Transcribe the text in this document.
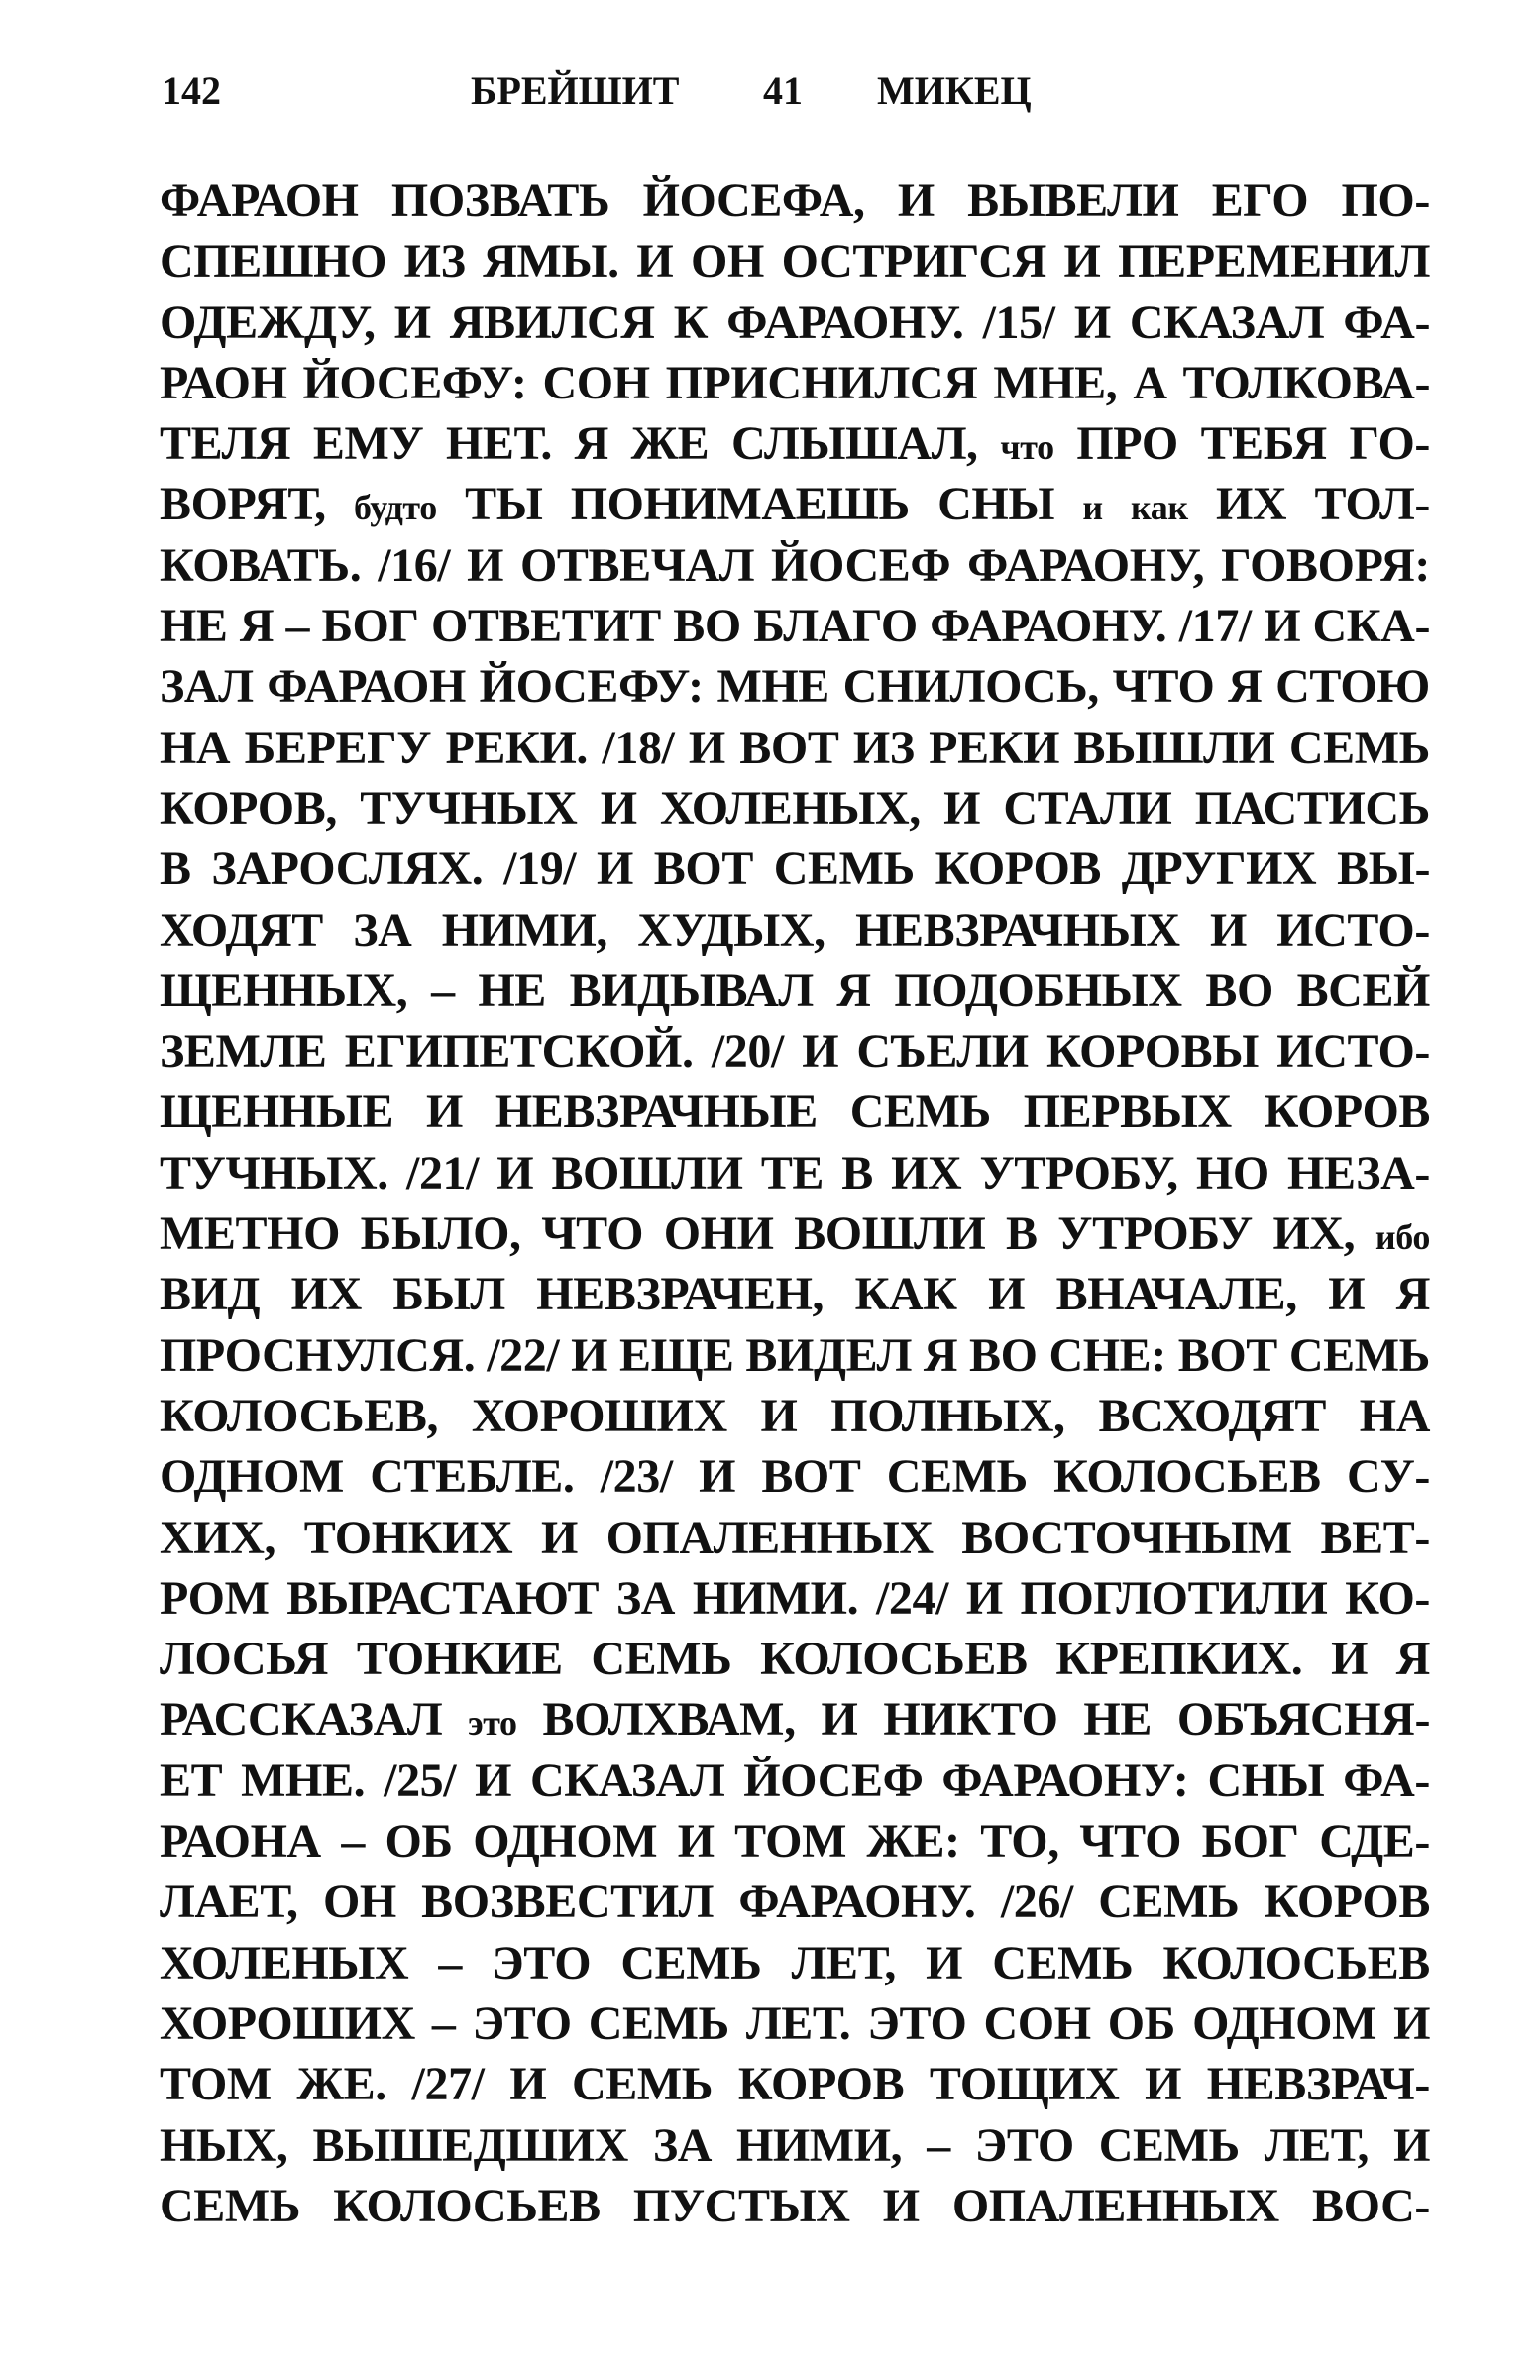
142	БРЕЙШИТ 41 МИКЕЦ
ФАРАОН ПОЗВАТЬ ЙОСЕФА, И ВЫВЕЛИ ЕГО ПО-
СПЕШНО ИЗ ЯМЫ. И ОН ОСТРИГСЯ И ПЕРЕМЕНИЛ
ОДЕЖДУ, И ЯВИЛСЯ К ФАРАОНУ. /15/ И СКАЗАЛ ФА-
РАОН ЙОСЕФУ: СОН ПРИСНИЛСЯ МНЕ, А ТОЛКОВА-
ТЕЛЯ ЕМУ НЕТ. Я ЖЕ СЛЫШАЛ, что ПРО ТЕБЯ ГО-
ВОРЯТ, будто ТЫ ПОНИМАЕШЬ СНЫ и как ИХ ТОЛ-
КОВАТЬ. /16/ И ОТВЕЧАЛ ЙОСЕФ ФАРАОНУ, ГОВОРЯ:
НЕ Я – БОГ ОТВЕТИТ ВО БЛАГО ФАРАОНУ. /17/ И СКА-
ЗАЛ ФАРАОН ЙОСЕФУ: МНЕ СНИЛОСЬ, ЧТО Я СТОЮ
НА БЕРЕГУ РЕКИ. /18/ И ВОТ ИЗ РЕКИ ВЫШЛИ СЕМЬ
КОРОВ, ТУЧНЫХ И ХОЛЕНЫХ, И СТАЛИ ПАСТИСЬ
В ЗАРОСЛЯХ. /19/ И ВОТ СЕМЬ КОРОВ ДРУГИХ ВЫ-
ХОДЯТ ЗА НИМИ, ХУДЫХ, НЕВЗРАЧНЫХ И ИСТО-
ЩЕННЫХ, – НЕ ВИДЫВАЛ Я ПОДОБНЫХ ВО ВСЕЙ
ЗЕМЛЕ ЕГИПЕТСКОЙ. /20/ И СЪЕЛИ КОРОВЫ ИСТО-
ЩЕННЫЕ И НЕВЗРАЧНЫЕ СЕМЬ ПЕРВЫХ КОРОВ
ТУЧНЫХ. /21/ И ВОШЛИ ТЕ В ИХ УТРОБУ, НО НЕЗА-
МЕТНО БЫЛО, ЧТО ОНИ ВОШЛИ В УТРОБУ ИХ, ибо
ВИД ИХ БЫЛ НЕВЗРАЧЕН, КАК И ВНАЧАЛЕ, И Я
ПРОСНУЛСЯ. /22/ И ЕЩЕ ВИДЕЛ Я ВО СНЕ: ВОТ СЕМЬ
КОЛОСЬЕВ, ХОРОШИХ И ПОЛНЫХ, ВСХОДЯТ НА
ОДНОМ СТЕБЛЕ. /23/ И ВОТ СЕМЬ КОЛОСЬЕВ СУ-
ХИХ, ТОНКИХ И ОПАЛЕННЫХ ВОСТОЧНЫМ ВЕТ-
РОМ ВЫРАСТАЮТ ЗА НИМИ. /24/ И ПОГЛОТИЛИ КО-
ЛОСЬЯ ТОНКИЕ СЕМЬ КОЛОСЬЕВ КРЕПКИХ. И Я
РАССКАЗАЛ это ВОЛХВАМ, И НИКТО НЕ ОБЪЯСНЯ-
ЕТ МНЕ. /25/ И СКАЗАЛ ЙОСЕФ ФАРАОНУ: СНЫ ФА-
РАОНА – ОБ ОДНОМ И ТОМ ЖЕ: ТО, ЧТО БОГ СДЕ-
ЛАЕТ, ОН ВОЗВЕСТИЛ ФАРАОНУ. /26/ СЕМЬ КОРОВ
ХОЛЕНЫХ – ЭТО СЕМЬ ЛЕТ, И СЕМЬ КОЛОСЬЕВ
ХОРОШИХ – ЭТО СЕМЬ ЛЕТ. ЭТО СОН ОБ ОДНОМ И
ТОМ ЖЕ. /27/ И СЕМЬ КОРОВ ТОЩИХ И НЕВЗРАЧ-
НЫХ, ВЫШЕДШИХ ЗА НИМИ, – ЭТО СЕМЬ ЛЕТ, И
СЕМЬ КОЛОСЬЕВ ПУСТЫХ И ОПАЛЕННЫХ ВОС-
